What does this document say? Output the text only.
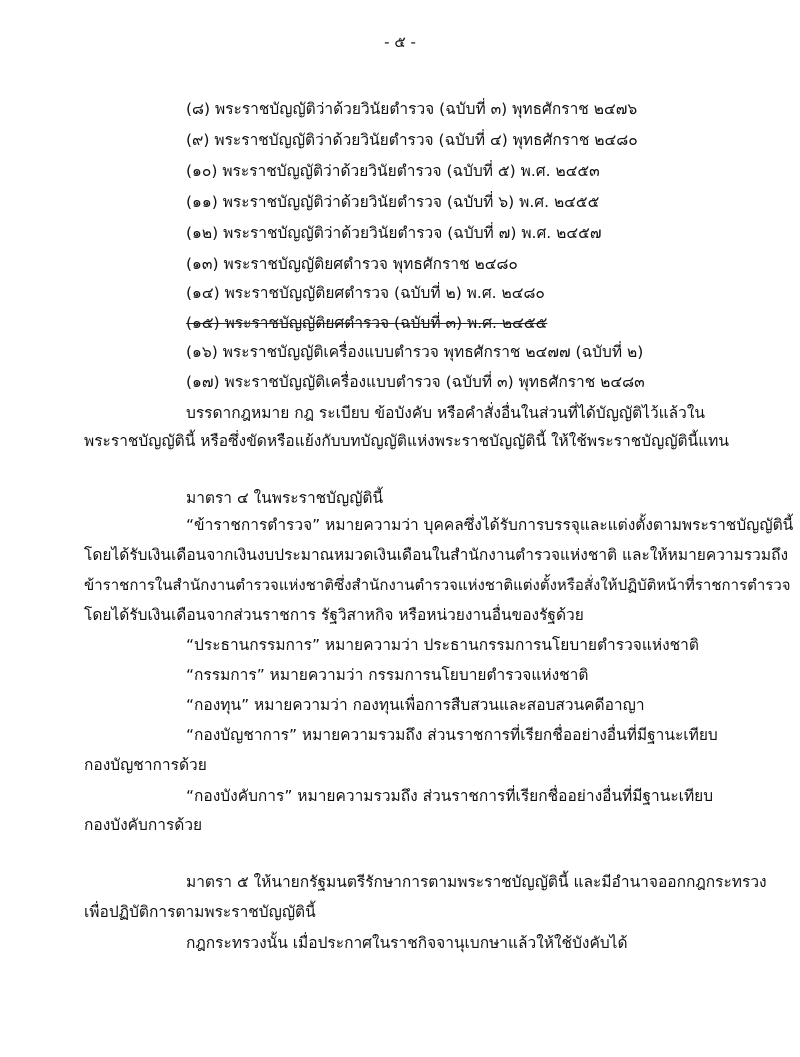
- ๕ -
(๘) พระราชบัญญัติว่าด้วยวินัยตำรวจ (ฉบับที่ ๓) พุทธศักราช ๒๔๗๖
(๙) พระราชบัญญัติว่าด้วยวินัยตำรวจ (ฉบับที่ ๔) พุทธศักราช ๒๔๘๐
(๑๐) พระราชบัญญัติว่าด้วยวินัยตำรวจ (ฉบับที่ ๕) พ.ศ. ๒๔๕๓
(๑๑) พระราชบัญญัติว่าด้วยวินัยตำรวจ (ฉบับที่ ๖) พ.ศ. ๒๔๕๕
(๑๒) พระราชบัญญัติว่าด้วยวินัยตำรวจ (ฉบับที่ ๗) พ.ศ. ๒๔๕๗
(๑๓) พระราชบัญญัติยศตำรวจ พุทธศักราช ๒๔๘๐
(๑๔) พระราชบัญญัติยศตำรวจ (ฉบับที่ ๒) พ.ศ. ๒๔๘๐
(๑๕) พระราชบัญญัติยศตำรวจ (ฉบับที่ ๓) พ.ศ. ๒๔๕๕
(๑๖) พระราชบัญญัติเครื่องแบบตำรวจ พุทธศักราช ๒๔๗๗ (ฉบับที่ ๒)
(๑๗) พระราชบัญญัติเครื่องแบบตำรวจ (ฉบับที่ ๓) พุทธศักราช ๒๔๘๓
บรรดากฎหมาย กฎ ระเบียบ ข้อบังคับ หรือคำสั่งอื่นในส่วนที่ได้บัญญัติไว้แล้วใน
พระราชบัญญัตินี้ หรือซึ่งขัดหรือแย้งกับบทบัญญัติแห่งพระราชบัญญัตินี้ ให้ใช้พระราชบัญญัตินี้แทน
มาตรา ๔ ในพระราชบัญญัตินี้
“ข้าราชการตำรวจ” หมายความว่า บุคคลซึ่งได้รับการบรรจุและแต่งตั้งตามพระราชบัญญัตินี้
โดยได้รับเงินเดือนจากเงินงบประมาณหมวดเงินเดือนในสำนักงานตำรวจแห่งชาติ และให้หมายความรวมถึง
ข้าราชการในสำนักงานตำรวจแห่งชาติซึ่งสำนักงานตำรวจแห่งชาติแต่งตั้งหรือสั่งให้ปฏิบัติหน้าที่ราชการตำรวจ
โดยได้รับเงินเดือนจากส่วนราชการ รัฐวิสาหกิจ หรือหน่วยงานอื่นของรัฐด้วย
“ประธานกรรมการ” หมายความว่า ประธานกรรมการนโยบายตำรวจแห่งชาติ
“กรรมการ” หมายความว่า กรรมการนโยบายตำรวจแห่งชาติ
“กองทุน” หมายความว่า กองทุนเพื่อการสืบสวนและสอบสวนคดีอาญา
“กองบัญชาการ” หมายความรวมถึง ส่วนราชการที่เรียกชื่ออย่างอื่นที่มีฐานะเทียบ
กองบัญชาการด้วย
“กองบังคับการ” หมายความรวมถึง ส่วนราชการที่เรียกชื่ออย่างอื่นที่มีฐานะเทียบ
กองบังคับการด้วย
มาตรา ๕ ให้นายกรัฐมนตรีรักษาการตามพระราชบัญญัตินี้ และมีอำนาจออกกฎกระทรวง
เพื่อปฏิบัติการตามพระราชบัญญัตินี้
กฎกระทรวงนั้น เมื่อประกาศในราชกิจจานุเบกษาแล้วให้ใช้บังคับได้
